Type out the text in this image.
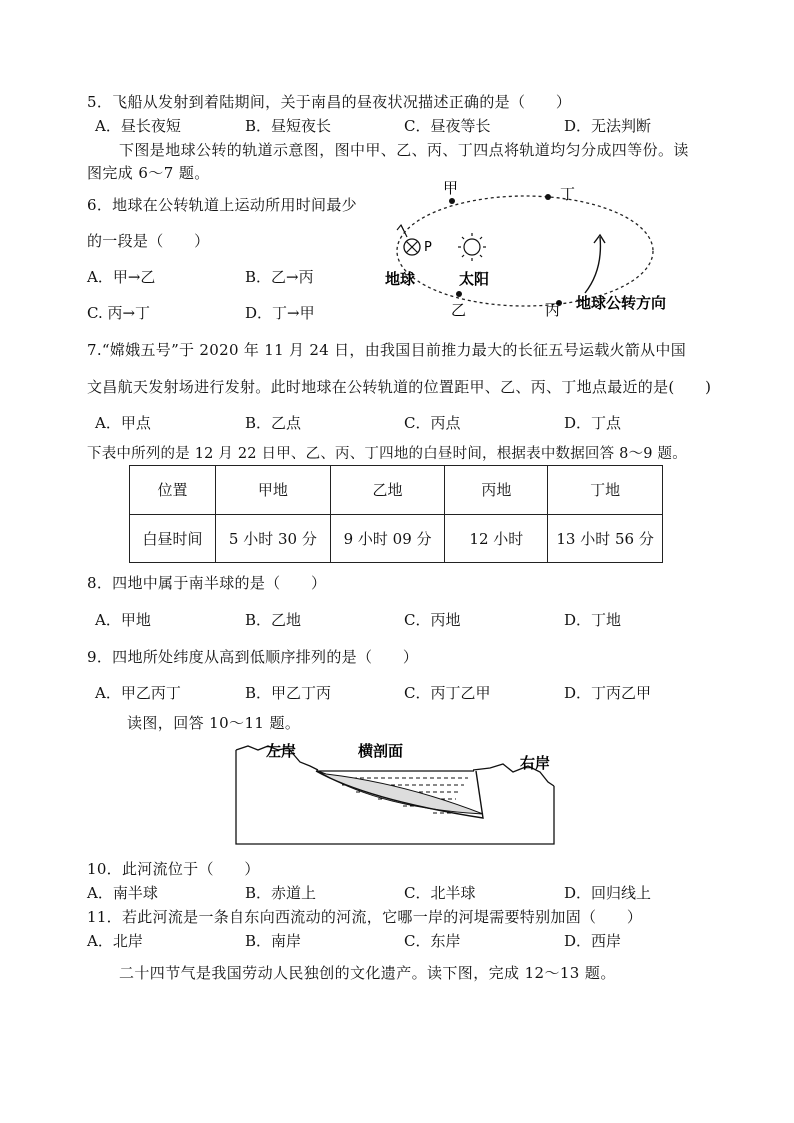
5．飞船从发射到着陆期间，关于南昌的昼夜状况描述正确的是（　　）
A．昼长夜短	B．昼短夜长	C．昼夜等长	D．无法判断
下图是地球公转的轨道示意图，图中甲、乙、丙、丁四点将轨道均匀分成四等份。读
图完成 6～7 题。
6．地球在公转轨道上运动所用时间最少
的一段是（　　）
A．甲→乙	B．乙→丙
C. 丙→丁	D．丁→甲
甲	丁
乙	丙
P
地球	太阳
地球公转方向
7.“嫦娥五号”于 2020 年 11 月 24 日，由我国目前推力最大的长征五号运载火箭从中国
文昌航天发射场进行发射。此时地球在公转轨道的位置距甲、乙、丙、丁地点最近的是(　　)
A．甲点	B．乙点	C．丙点	D．丁点
下表中所列的是 12 月 22 日甲、乙、丙、丁四地的白昼时间，根据表中数据回答 8～9 题。
位置	甲地	乙地	丙地	丁地
白昼时间	5 小时 30 分	9 小时 09 分	12 小时	13 小时 56 分
8．四地中属于南半球的是（　　）
A．甲地	B．乙地	C．丙地	D．丁地
9．四地所处纬度从高到低顺序排列的是（　　）
A．甲乙丙丁	B．甲乙丁丙	C．丙丁乙甲	D．丁丙乙甲
读图，回答 10～11 题。
左岸	横剖面
右岸
10．此河流位于（　　）
A．南半球	B．赤道上	C．北半球	D．回归线上
11．若此河流是一条自东向西流动的河流，它哪一岸的河堤需要特别加固（　　）
A．北岸	B．南岸	C．东岸	D．西岸
二十四节气是我国劳动人民独创的文化遗产。读下图，完成 12～13 题。
